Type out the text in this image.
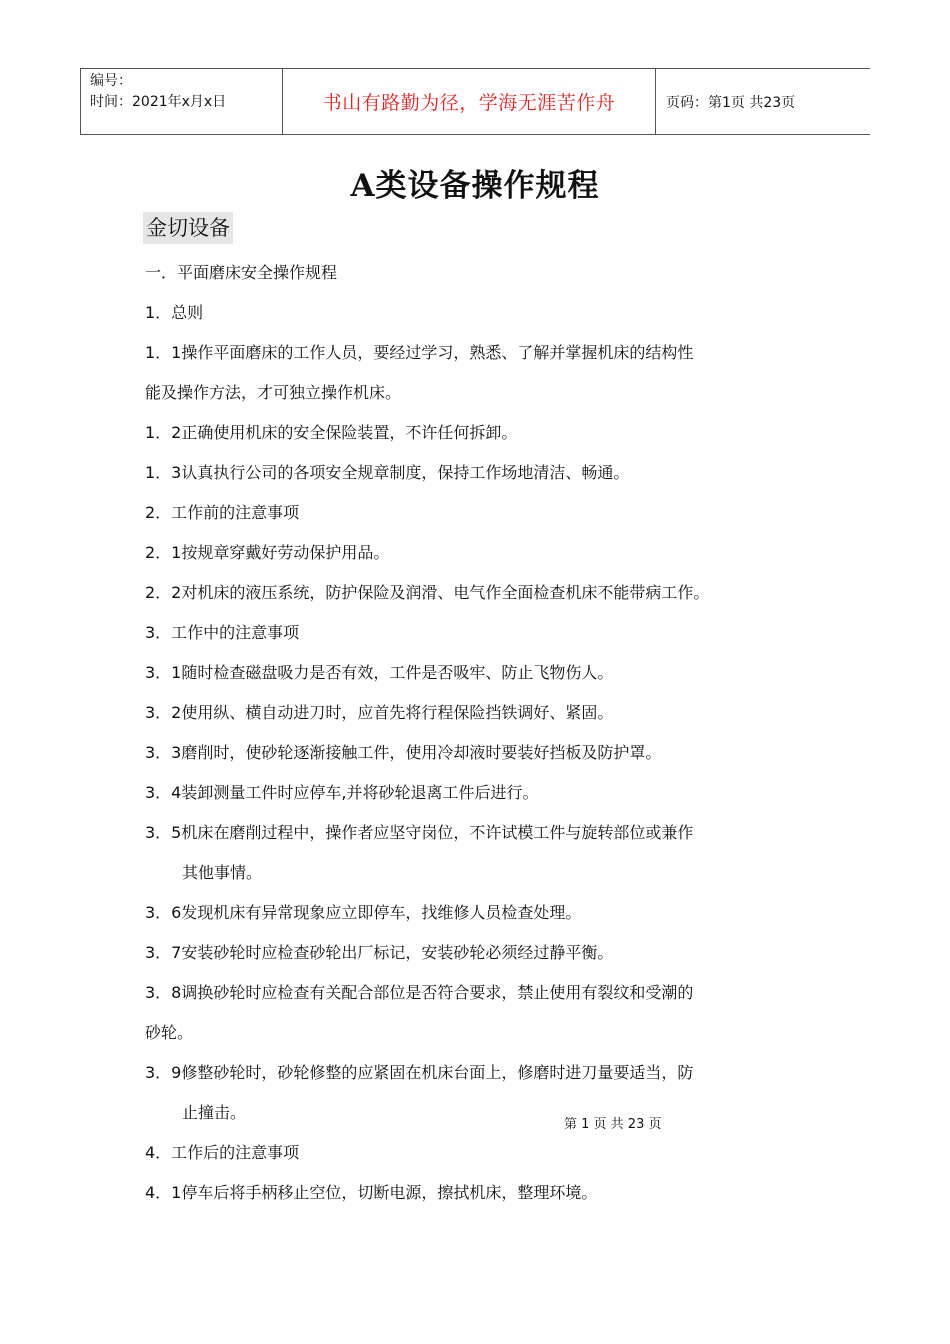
编号：
时间：2021年x月x日	书山有路勤为径，学海无涯苦作舟	页码：第1页 共23页
A类设备操作规程
金切设备
一．平面磨床安全操作规程
1．总则
1．1操作平面磨床的工作人员，要经过学习，熟悉、了解并掌握机床的结构性
能及操作方法，才可独立操作机床。
1．2正确使用机床的安全保险装置，不许任何拆卸。
1．3认真执行公司的各项安全规章制度，保持工作场地清洁、畅通。
2．工作前的注意事项
2．1按规章穿戴好劳动保护用品。
2．2对机床的液压系统，防护保险及润滑、电气作全面检查机床不能带病工作。
3．工作中的注意事项
3．1随时检查磁盘吸力是否有效，工件是否吸牢、防止飞物伤人。
3．2使用纵、横自动进刀时，应首先将行程保险挡铁调好、紧固。
3．3磨削时，使砂轮逐渐接触工件，使用冷却液时要装好挡板及防护罩。
3．4装卸测量工件时应停车,并将砂轮退离工件后进行。
3．5机床在磨削过程中，操作者应坚守岗位，不许试模工件与旋转部位或兼作
其他事情。
3．6发现机床有异常现象应立即停车，找维修人员检查处理。
3．7安装砂轮时应检查砂轮出厂标记，安装砂轮必须经过静平衡。
3．8调换砂轮时应检查有关配合部位是否符合要求，禁止使用有裂纹和受潮的
砂轮。
3．9修整砂轮时，砂轮修整的应紧固在机床台面上，修磨时进刀量要适当，防
止撞击。
4．工作后的注意事项
4．1停车后将手柄移止空位，切断电源，擦拭机床，整理环境。
第 1 页 共 23 页
